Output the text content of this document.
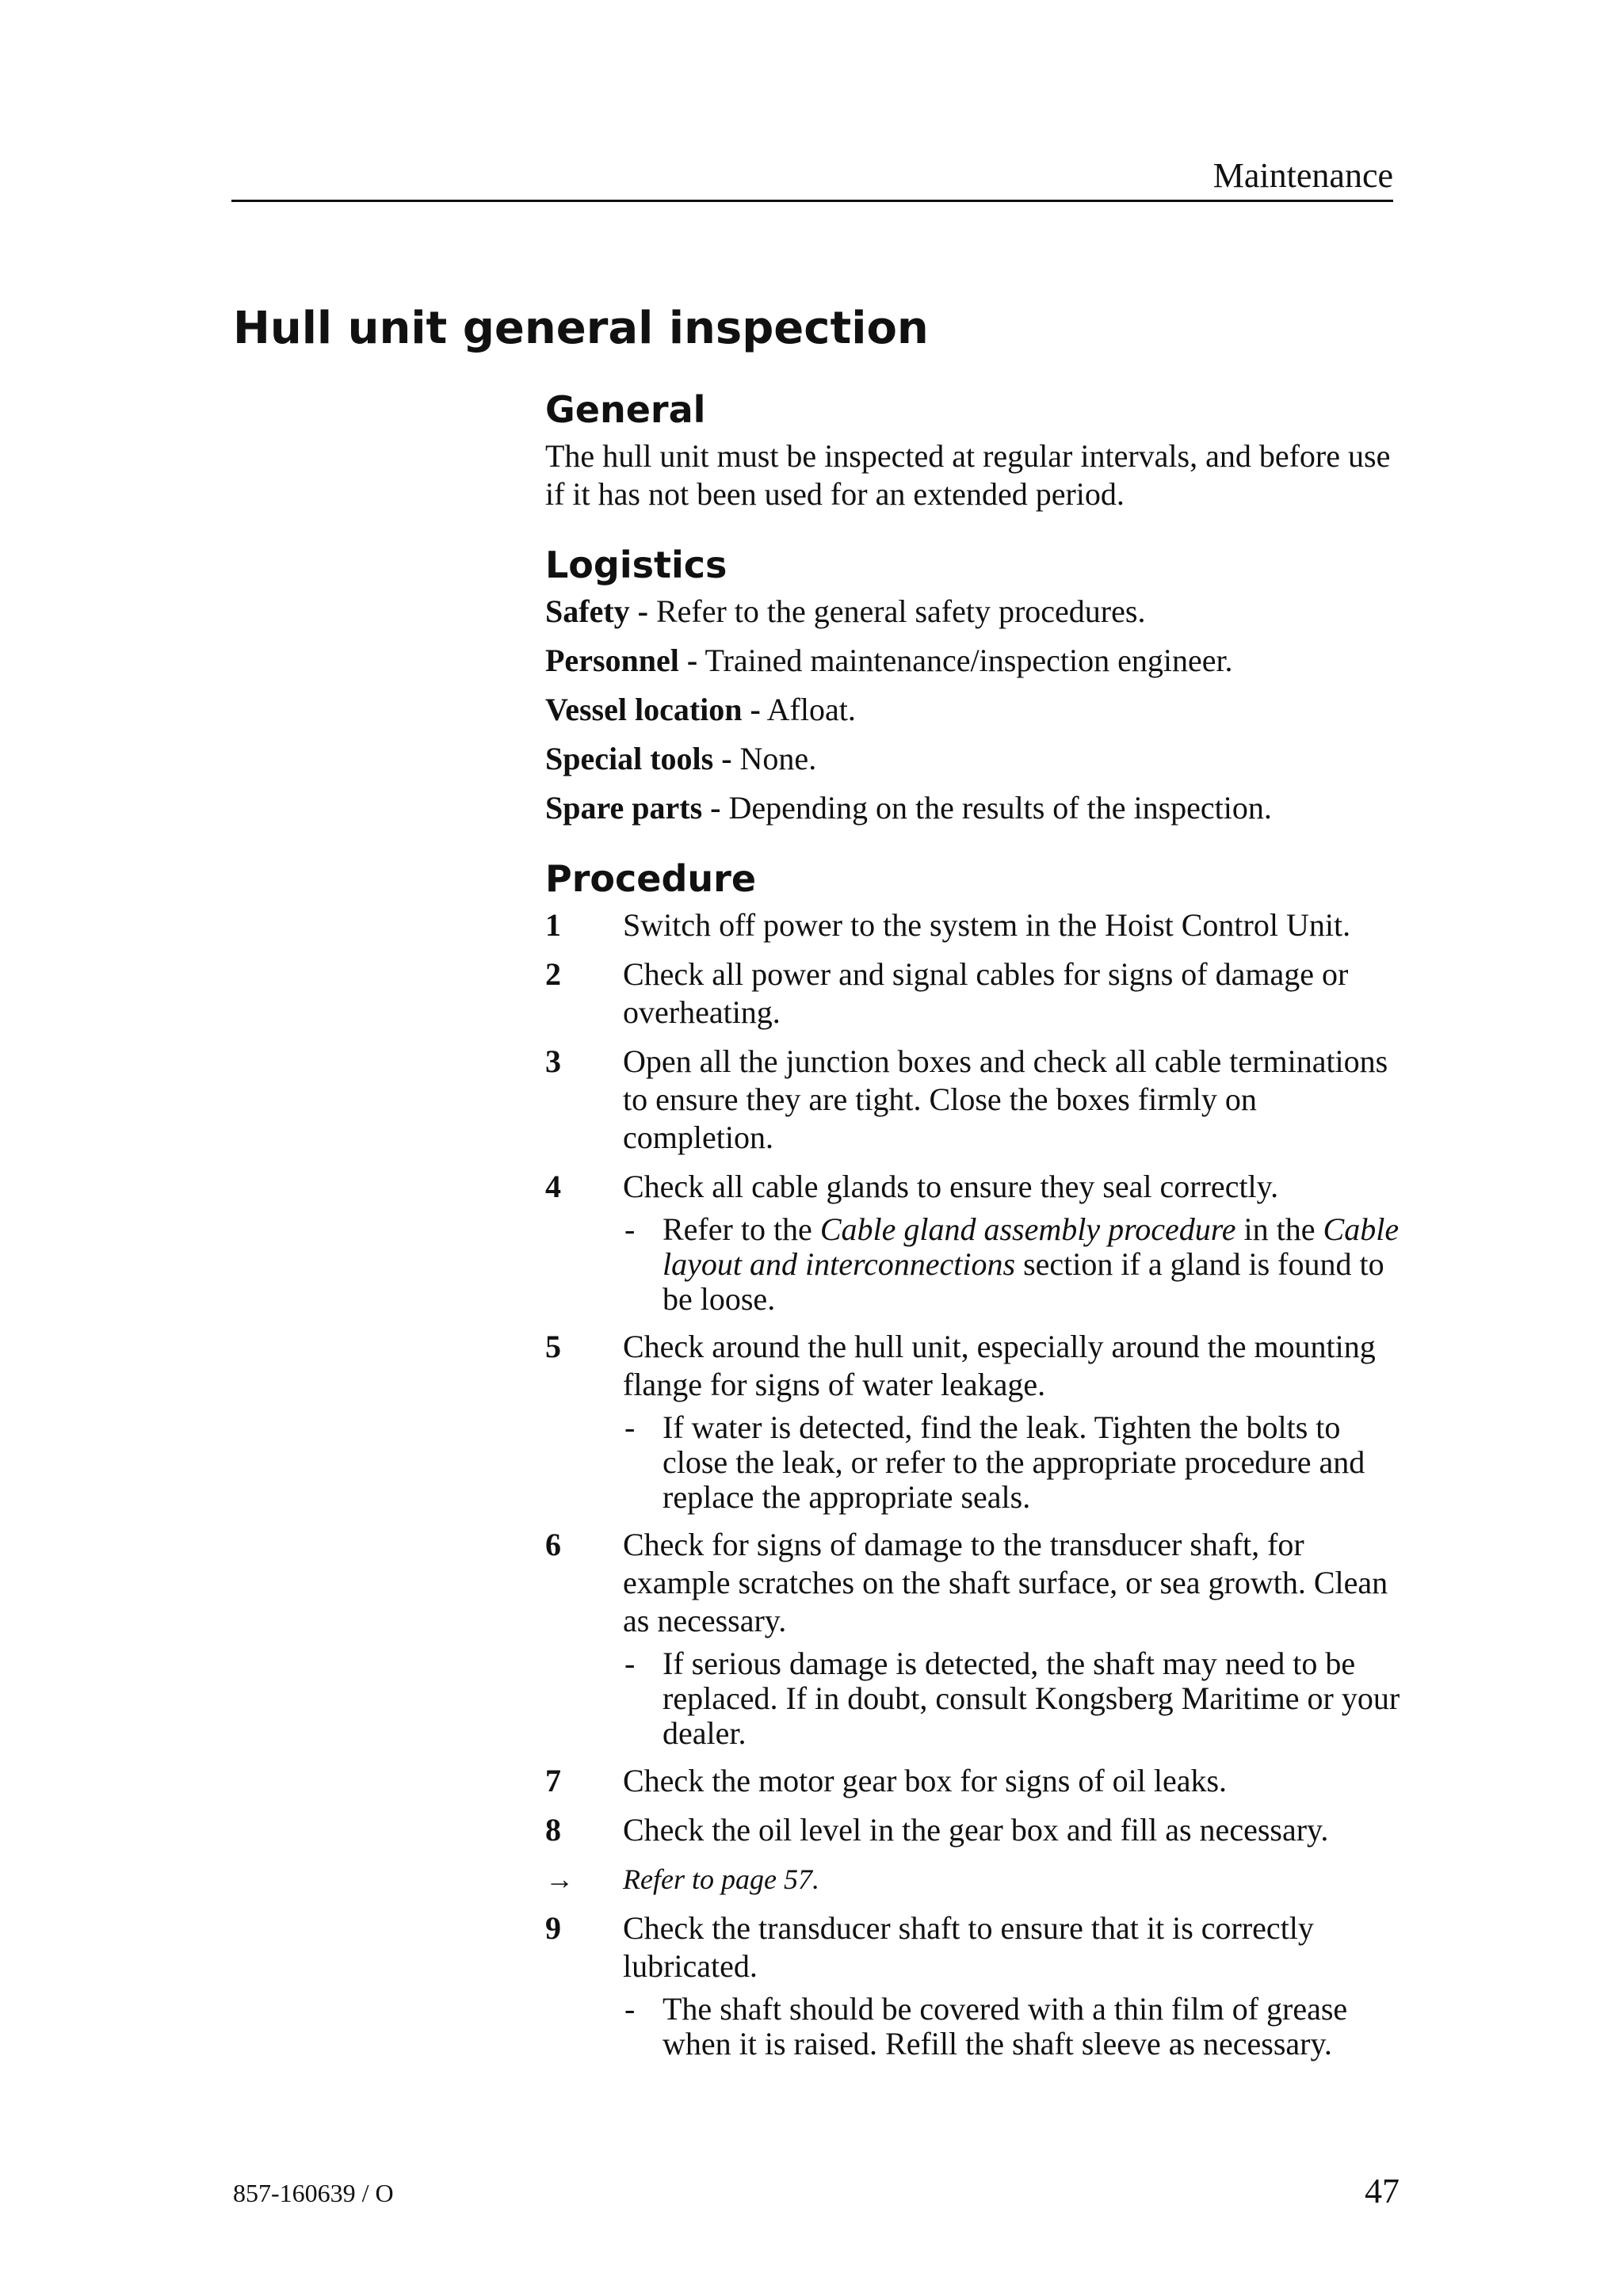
Maintenance
Hull unit general inspection
General

The hull unit must be inspected at regular intervals, and before use if it has not been used for an extended period.

Logistics

Safety - Refer to the general safety procedures.

Personnel - Trained maintenance/inspection engineer.

Vessel location - Afloat.

Special tools - None.

Spare parts - Depending on the results of the inspection.

Procedure
1 Switch off power to the system in the Hoist Control Unit.
2 Check all power and signal cables for signs of damage or overheating.
3 Open all the junction boxes and check all cable terminations to ensure they are tight. Close the boxes firmly on completion.
4 Check all cable glands to ensure they seal correctly.
- Refer to the Cable gland assembly procedure in the Cable layout and interconnections section if a gland is found to be loose.
5 Check around the hull unit, especially around the mounting flange for signs of water leakage.
- If water is detected, find the leak. Tighten the bolts to close the leak, or refer to the appropriate procedure and replace the appropriate seals.
6 Check for signs of damage to the transducer shaft, for example scratches on the shaft surface, or sea growth. Clean as necessary.
- If serious damage is detected, the shaft may need to be replaced. If in doubt, consult Kongsberg Maritime or your dealer.
7 Check the motor gear box for signs of oil leaks.
8 Check the oil level in the gear box and fill as necessary.
→ Refer to page 57.
9 Check the transducer shaft to ensure that it is correctly lubricated.
- The shaft should be covered with a thin film of grease when it is raised. Refill the shaft sleeve as necessary.
857-160639 / O	47
